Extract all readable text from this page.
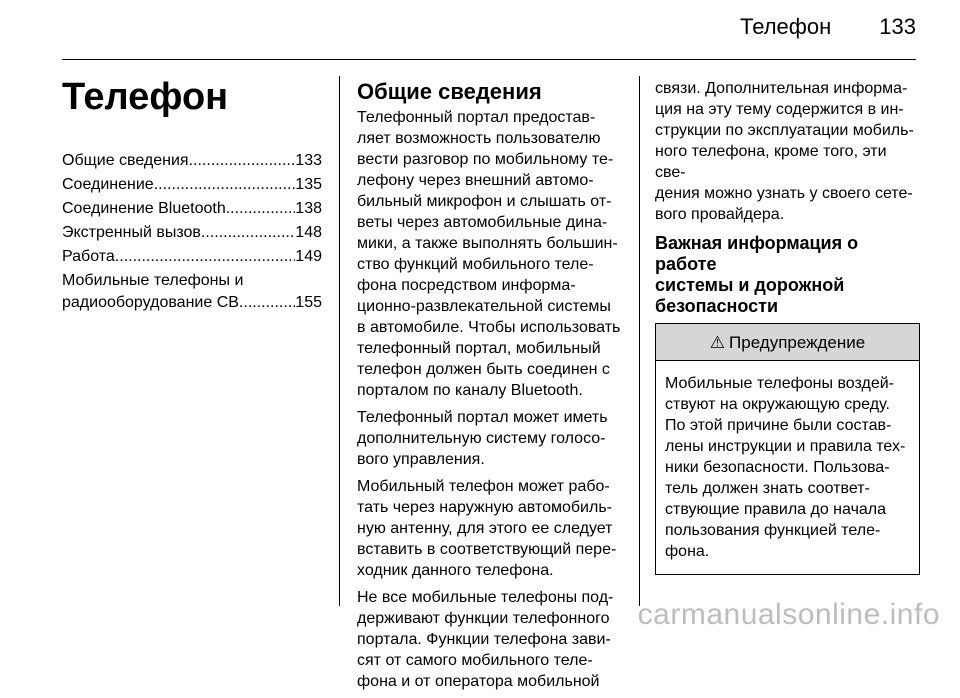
Телефон 133
Телефон
Общие сведения .....	133
Соединение .....	135
Соединение Bluetooth .....	138
Экстренный вызов .....	148
Работа .....	149
Мобильные телефоны и
радиооборудование CB .....	155
Общие сведения

Телефонный портал предостав-
ляет возможность пользователю
вести разговор по мобильному те-
лефону через внешний автомо-
бильный микрофон и слышать от-
веты через автомобильные дина-
мики, а также выполнять большин-
ство функций мобильного теле-
фона посредством информа-
ционно-развлекательной системы
в автомобиле. Чтобы использовать
телефонный портал, мобильный
телефон должен быть соединен с
порталом по каналу Bluetooth.

Телефонный портал может иметь
дополнительную систему голосо-
вого управления.

Мобильный телефон может рабо-
тать через наружную автомобиль-
ную антенну, для этого ее следует
вставить в соответствующий пере-
ходник данного телефона.

Не все мобильные телефоны под-
держивают функции телефонного
портала. Функции телефона зави-
сят от самого мобильного теле-
фона и от оператора мобильной

связи. Дополнительная информа-
ция на эту тему содержится в ин-
струкции по эксплуатации мобиль-
ного телефона, кроме того, эти све-
дения можно узнать у своего сете-
вого провайдера.

Важная информация о работе
системы и дорожной
безопасности
⚠ Предупреждение
Мобильные телефоны воздей-
ствуют на окружающую среду.
По этой причине были состав-
лены инструкции и правила тех-
ники безопасности. Пользова-
тель должен знать соответ-
ствующие правила до начала
пользования функцией теле-
фона.
carmanualsonline.info
